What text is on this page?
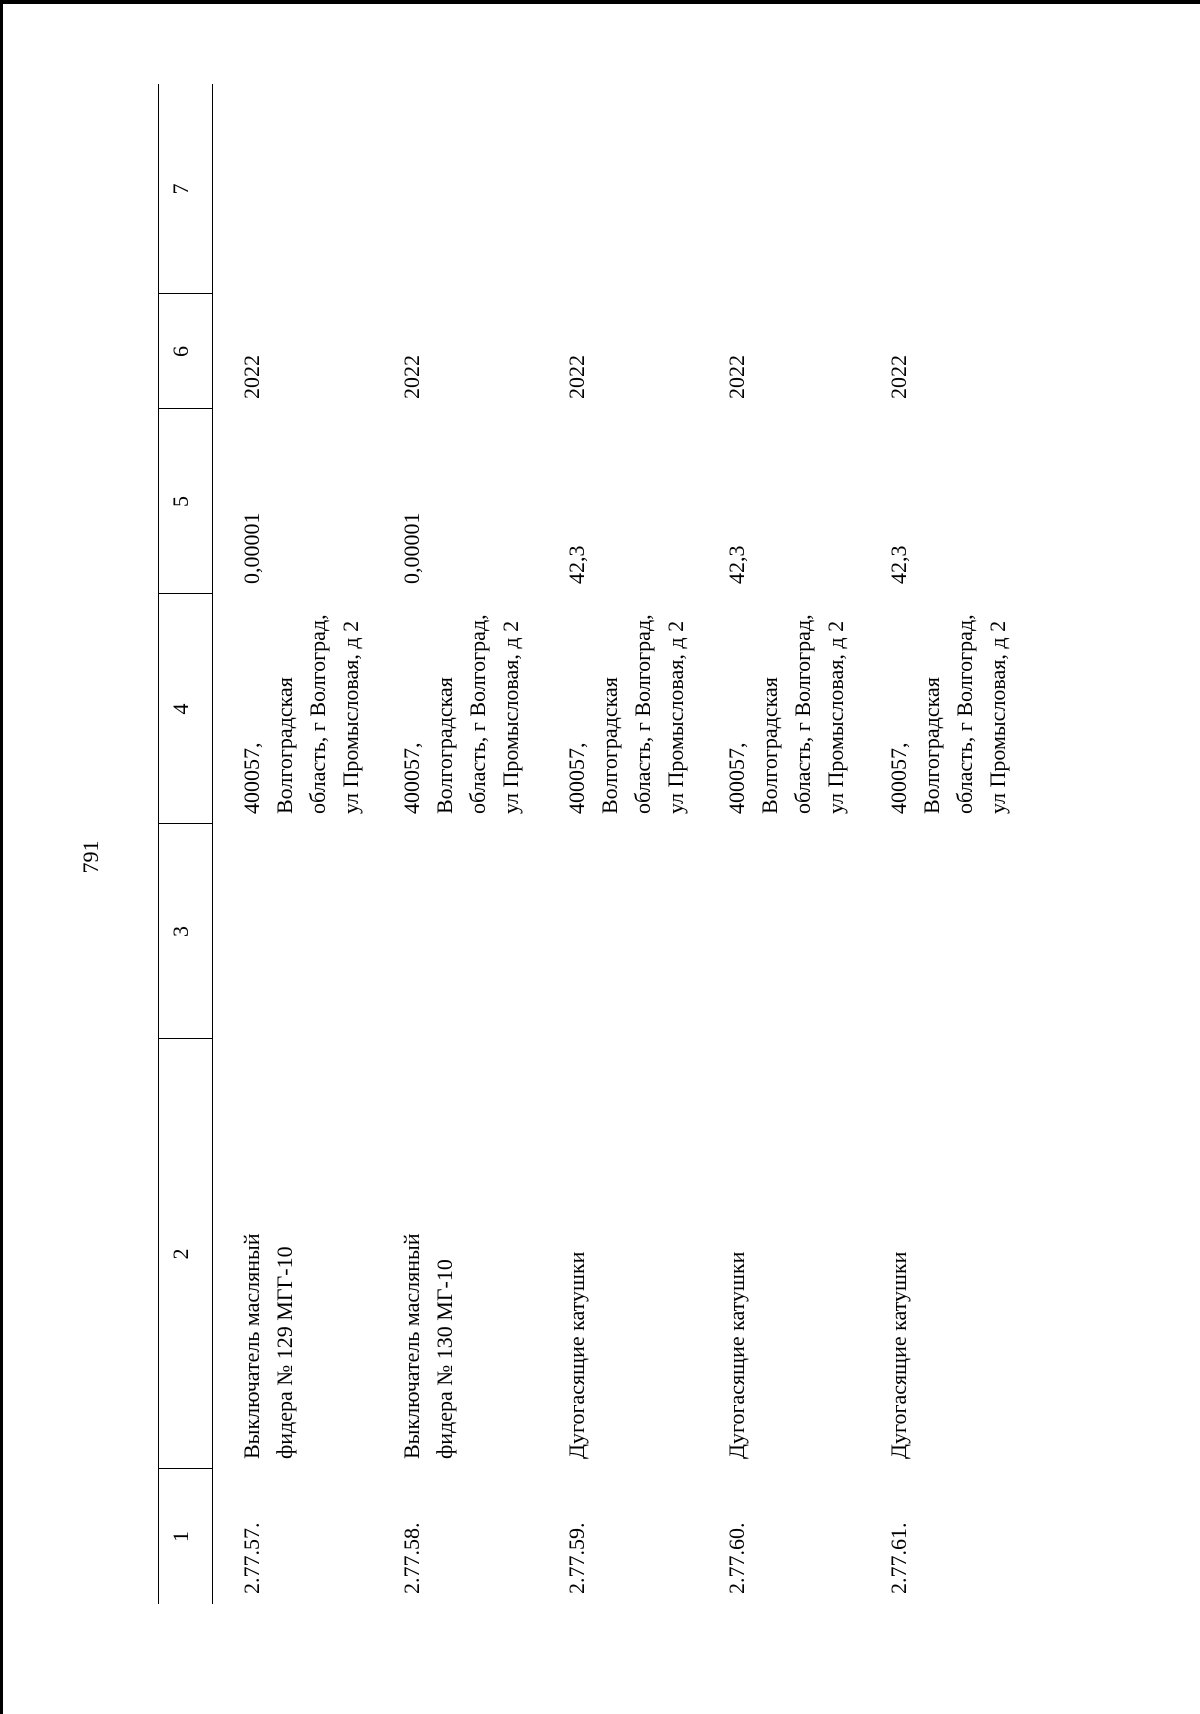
791
1
2
3
4
5
6
7
2.77.57.
Выключатель масляный фидера № 129 МГГ-10
400057, Волгоградская область, г Волгоград, ул Промысловая, д 2
0,00001
2022
2.77.58.
Выключатель масляный фидера № 130 МГ-10
400057, Волгоградская область, г Волгоград, ул Промысловая, д 2
0,00001
2022
2.77.59.
Дугогасящие катушки
400057, Волгоградская область, г Волгоград, ул Промысловая, д 2
42,3
2022
2.77.60.
Дугогасящие катушки
400057, Волгоградская область, г Волгоград, ул Промысловая, д 2
42,3
2022
2.77.61.
Дугогасящие катушки
400057, Волгоградская область, г Волгоград, ул Промысловая, д 2
42,3
2022
